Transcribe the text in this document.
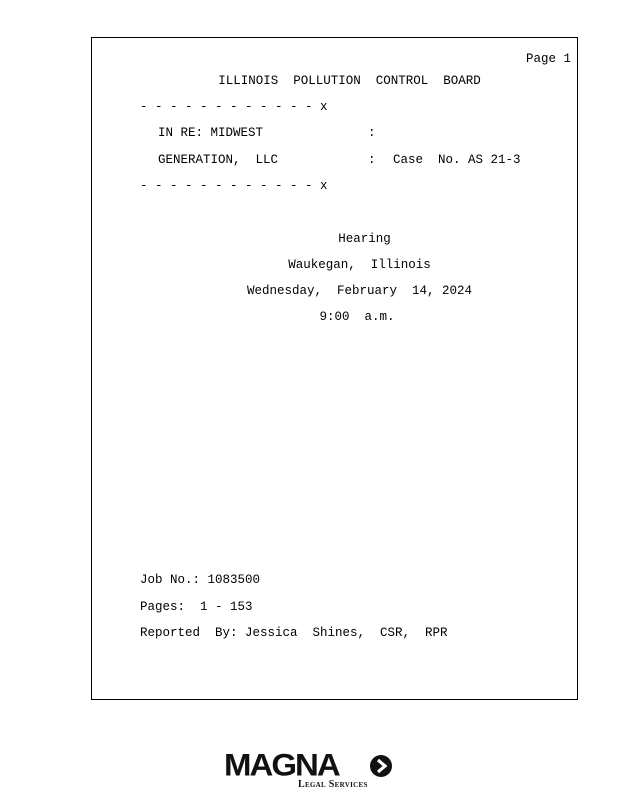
Page 1
ILLINOIS  POLLUTION  CONTROL  BOARD
- - - - - - - - - - - - x
IN RE: MIDWEST	:
GENERATION,  LLC	: Case  No. AS 21-3
- - - - - - - - - - - - x
Hearing
Waukegan,  Illinois
Wednesday,  February  14, 2024
9:00  a.m.
Job No.: 1083500
Pages:  1 - 153
Reported  By: Jessica  Shines,  CSR,  RPR
MAGNA
Legal Services
